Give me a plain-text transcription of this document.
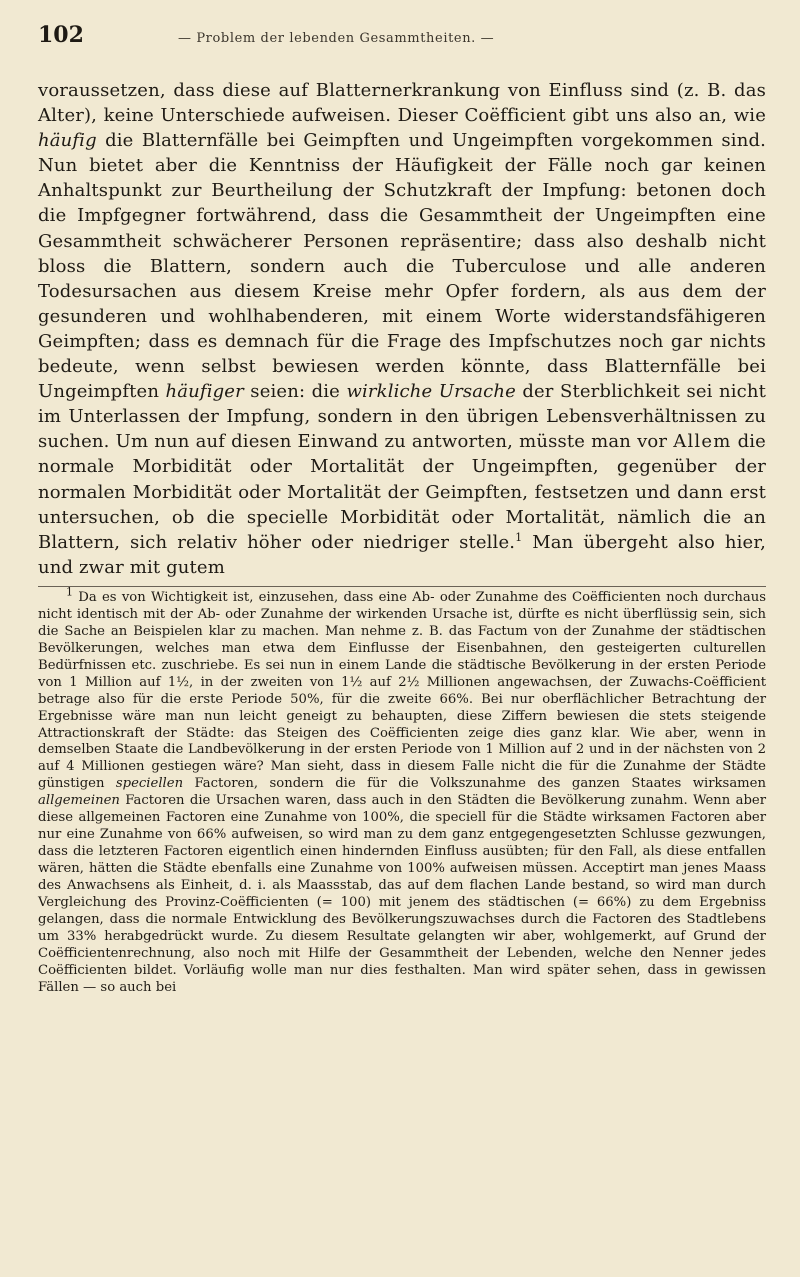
102	— Problem der lebenden Gesammtheiten. —

voraussetzen, dass diese auf Blatternerkrankung von Einfluss sind (z. B. das Alter), keine Unterschiede aufweisen. Dieser Coëfficient gibt uns also an, wie häufig die Blatternfälle bei Geimpften und Ungeimpften vorgekommen sind. Nun bietet aber die Kenntniss der Häufigkeit der Fälle noch gar keinen Anhaltspunkt zur Beurtheilung der Schutzkraft der Impfung: betonen doch die Impfgegner fortwährend, dass die Gesammtheit der Ungeimpften eine Gesammtheit schwächerer Personen repräsentire; dass also deshalb nicht bloss die Blattern, sondern auch die Tuberculose und alle anderen Todesursachen aus diesem Kreise mehr Opfer fordern, als aus dem der gesunderen und wohlhabenderen, mit einem Worte widerstandsfähigeren Geimpften; dass es demnach für die Frage des Impfschutzes noch gar nichts bedeute, wenn selbst bewiesen werden könnte, dass Blatternfälle bei Ungeimpften häufiger seien: die wirkliche Ursache der Sterblichkeit sei nicht im Unterlassen der Impfung, sondern in den übrigen Lebensverhältnissen zu suchen. Um nun auf diesen Einwand zu antworten, müsste man vor Allem die normale Morbidität oder Mortalität der Ungeimpften, gegenüber der normalen Morbidität oder Mortalität der Geimpften, festsetzen und dann erst untersuchen, ob die specielle Morbidität oder Mortalität, nämlich die an Blattern, sich relativ höher oder niedriger stelle.$^1$ Man übergeht also hier, und zwar mit gutem

$^1$ Da es von Wichtigkeit ist, einzusehen, dass eine Ab- oder Zunahme des Coëfficienten noch durchaus nicht identisch mit der Ab- oder Zunahme der wirkenden Ursache ist, dürfte es nicht überflüssig sein, sich die Sache an Beispielen klar zu machen. Man nehme z. B. das Factum von der Zunahme der städtischen Bevölkerungen, welches man etwa dem Einflusse der Eisenbahnen, den gesteigerten culturellen Bedürfnissen etc. zuschriebe. Es sei nun in einem Lande die städtische Bevölkerung in der ersten Periode von 1 Million auf 1½, in der zweiten von 1½ auf 2½ Millionen angewachsen, der Zuwachs-Coëfficient betrage also für die erste Periode 50%, für die zweite 66%. Bei nur oberflächlicher Betrachtung der Ergebnisse wäre man nun leicht geneigt zu behaupten, diese Ziffern bewiesen die stets steigende Attractionskraft der Städte: das Steigen des Coëfficienten zeige dies ganz klar. Wie aber, wenn in demselben Staate die Landbevölkerung in der ersten Periode von 1 Million auf 2 und in der nächsten von 2 auf 4 Millionen gestiegen wäre? Man sieht, dass in diesem Falle nicht die für die Zunahme der Städte günstigen speciellen Factoren, sondern die für die Volkszunahme des ganzen Staates wirksamen allgemeinen Factoren die Ursachen waren, dass auch in den Städten die Bevölkerung zunahm. Wenn aber diese allgemeinen Factoren eine Zunahme von 100%, die speciell für die Städte wirksamen Factoren aber nur eine Zunahme von 66% aufweisen, so wird man zu dem ganz entgegengesetzten Schlusse gezwungen, dass die letzteren Factoren eigentlich einen hindernden Einfluss ausübten; für den Fall, als diese entfallen wären, hätten die Städte ebenfalls eine Zunahme von 100% aufweisen müssen. Acceptirt man jenes Maass des Anwachsens als Einheit, d. i. als Maassstab, das auf dem flachen Lande bestand, so wird man durch Vergleichung des Provinz-Coëfficienten (= 100) mit jenem des städtischen (= 66%) zu dem Ergebniss gelangen, dass die normale Entwicklung des Bevölkerungszuwachses durch die Factoren des Stadtlebens um 33% herabgedrückt wurde. Zu diesem Resultate gelangten wir aber, wohlgemerkt, auf Grund der Coëfficientenrechnung, also noch mit Hilfe der Gesammtheit der Lebenden, welche den Nenner jedes Coëfficienten bildet. Vorläufig wolle man nur dies festhalten. Man wird später sehen, dass in gewissen Fällen — so auch bei
